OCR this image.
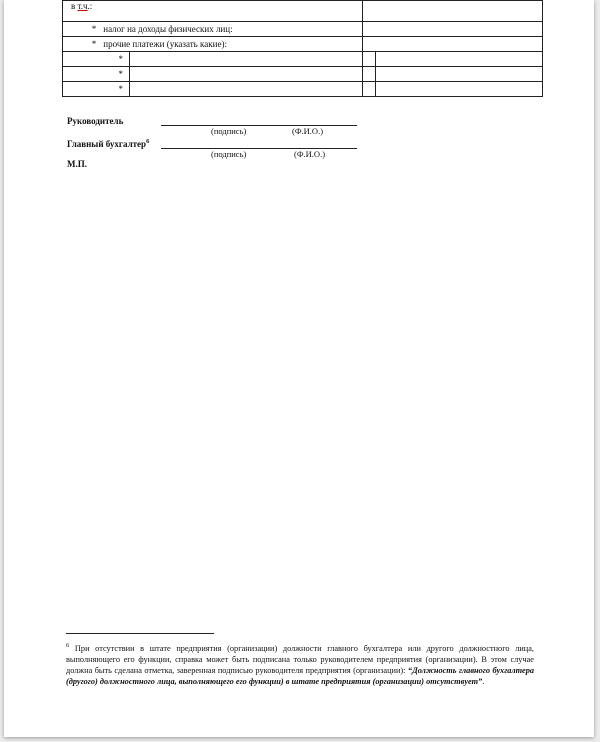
в т.ч.:			
* налог на доходы физических лиц:			
* прочие платежи (указать какие):			
*			
*			
*			
Руководитель
(подпись)	(Ф.И.О.)
Главный бухгалтер$^6$
(подпись)	(Ф.И.О.)
М.П.
$^6$ При отсутствии в штате предприятия (организации) должности главного бухгалтера или другого должностного лица, выполняющего его функции, справка может быть подписана только руководителем предприятия (организации). В этом случае должна быть сделана отметка, заверенная подписью руководителя предприятия (организации): “Должность главного бухгалтера (другого) должностного лица, выполняющего его функции) в штате предприятия (организации) отсутствует”.
